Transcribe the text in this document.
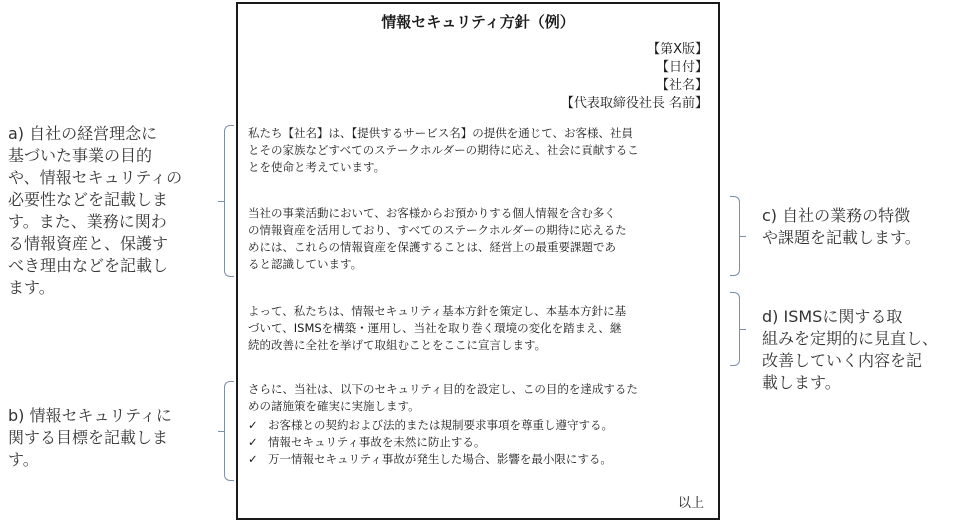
a) 自社の経営理念に
基づいた事業の目的
や、情報セキュリティの
必要性などを記載しま
す。また、業務に関わ
る情報資産と、保護す
べき理由などを記載し
ます。
b) 情報セキュリティに
関する目標を記載しま
す。
情報セキュリティ方針（例）
【第X版】
【日付】
【社名】
【代表取締役社長 名前】

私たち【社名】は、【提供するサービス名】の提供を通じて、お客様、社員
とその家族などすべてのステークホルダーの期待に応え、社会に貢献するこ
とを使命と考えています。

当社の事業活動において、お客様からお預かりする個人情報を含む多く
の情報資産を活用しており、すべてのステークホルダーの期待に応えるた
めには、これらの情報資産を保護することは、経営上の最重要課題であ
ると認識しています。

よって、私たちは、情報セキュリティ基本方針を策定し、本基本方針に基
づいて、ISMSを構築・運用し、当社を取り巻く環境の変化を踏まえ、継
続的改善に全社を挙げて取組むことをここに宣言します。

さらに、当社は、以下のセキュリティ目的を設定し、この目的を達成するた
めの諸施策を確実に実施します。

✓ お客様との契約および法的または規制要求事項を尊重し遵守する。
✓ 情報セキュリティ事故を未然に防止する。
✓ 万一情報セキュリティ事故が発生した場合、影響を最小限にする。
以上
c) 自社の業務の特徴
や課題を記載します。
d) ISMSに関する取
組みを定期的に見直し、
改善していく内容を記
載します。
